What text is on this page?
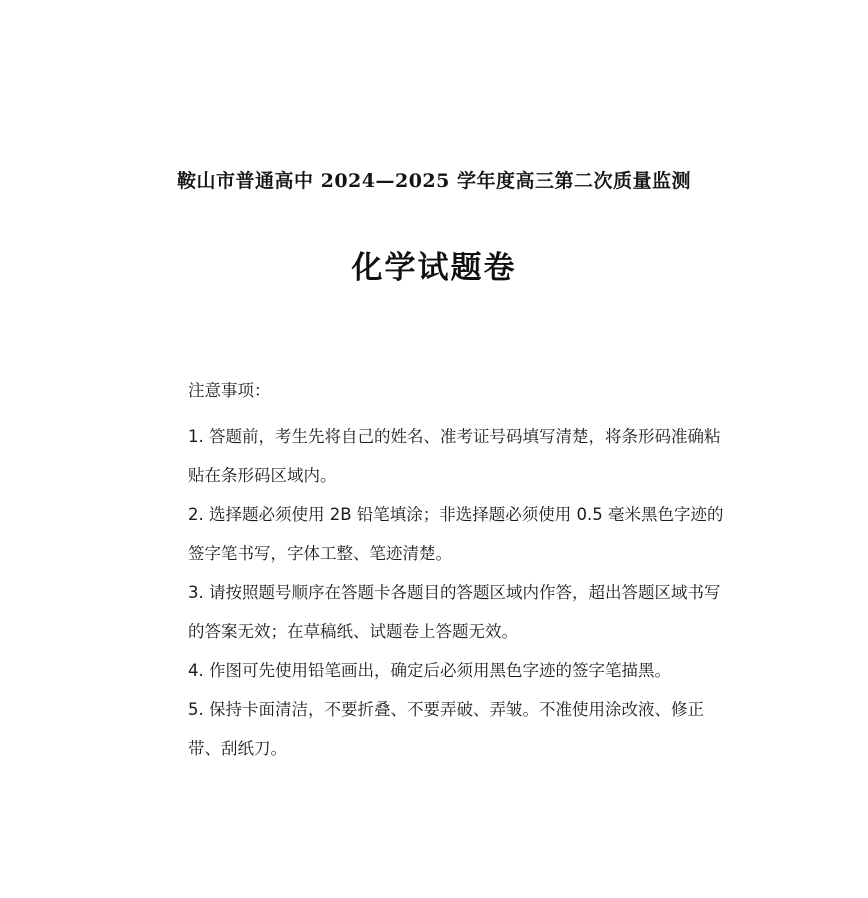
鞍山市普通高中 2024—2025 学年度高三第二次质量监测
化学试题卷
注意事项：
1. 答题前，考生先将自己的姓名、准考证号码填写清楚，将条形码准确粘贴在条形码区域内。
2. 选择题必须使用 2B 铅笔填涂；非选择题必须使用 0.5 毫米黑色字迹的签字笔书写，字体工整、笔迹清楚。
3. 请按照题号顺序在答题卡各题目的答题区域内作答，超出答题区域书写的答案无效；在草稿纸、试题卷上答题无效。
4. 作图可先使用铅笔画出，确定后必须用黑色字迹的签字笔描黑。
5. 保持卡面清洁，不要折叠、不要弄破、弄皱。不准使用涂改液、修正带、刮纸刀。
